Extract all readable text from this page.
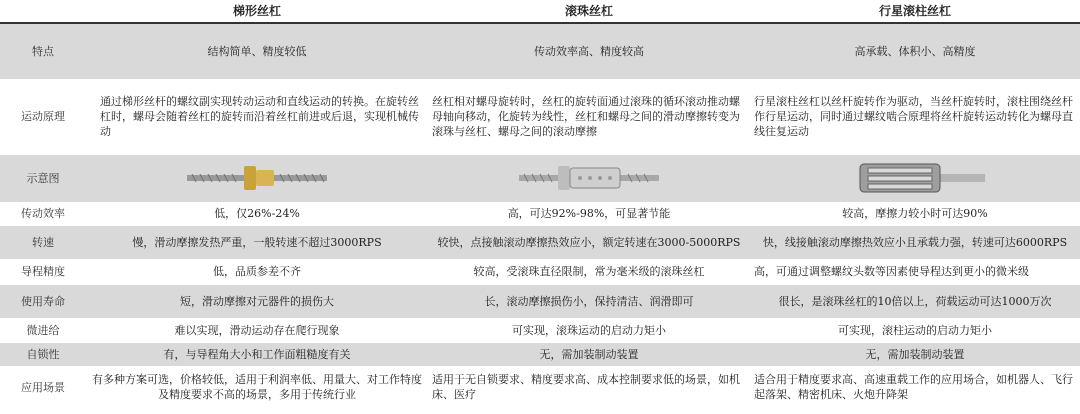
	梯形丝杠	滚珠丝杠	行星滚柱丝杠
特点	结构简单、精度较低	传动效率高、精度较高	高承载、体积小、高精度
运动原理	通过梯形丝杆的螺纹副实现转动运动和直线运动的转换。在旋转丝杠时，螺母会随着丝杠的旋转而沿着丝杠前进或后退，实现机械传动	丝杠相对螺母旋转时，丝杠的旋转面通过滚珠的循环滚动推动螺母轴向移动，化旋转为线性，丝杠和螺母之间的滑动摩擦转变为滚珠与丝杠、螺母之间的滚动摩擦	行星滚柱丝杠以丝杆旋转作为驱动，当丝杆旋转时，滚柱围绕丝杆作行星运动，同时通过螺纹啮合原理将丝杆旋转运动转化为螺母直线往复运动
示意图			
传动效率	低，仅26%-24%	高，可达92%-98%，可显著节能	较高，摩擦力较小时可达90%
转速	慢，滑动摩擦发热严重，一般转速不超过3000RPS	较快，点接触滚动摩擦热效应小，额定转速在3000-5000RPS	快，线接触滚动摩擦热效应小且承载力强，转速可达6000RPS
导程精度	低，品质参差不齐	较高，受滚珠直径限制，常为毫米级的滚珠丝杠	高，可通过调整螺纹头数等因素使导程达到更小的微米级
使用寿命	短，滑动摩擦对元器件的损伤大	长，滚动摩擦损伤小，保持清洁、润滑即可	很长，是滚珠丝杠的10倍以上，荷载运动可达1000万次
微进给	难以实现，滑动运动存在爬行现象	可实现，滚珠运动的启动力矩小	可实现，滚柱运动的启动力矩小
自锁性	有，与导程角大小和工作面粗糙度有关	无，需加装制动装置	无，需加装制动装置
应用场景	有多种方案可选，价格较低，适用于利润率低、用量大、对工作特度及精度要求不高的场景，多用于传统行业	适用于无自锁要求、精度要求高、成本控制要求低的场景，如机床、医疗	适合用于精度要求高、高速重载工作的应用场合，如机器人、飞行起落架、精密机床、火炮升降架
